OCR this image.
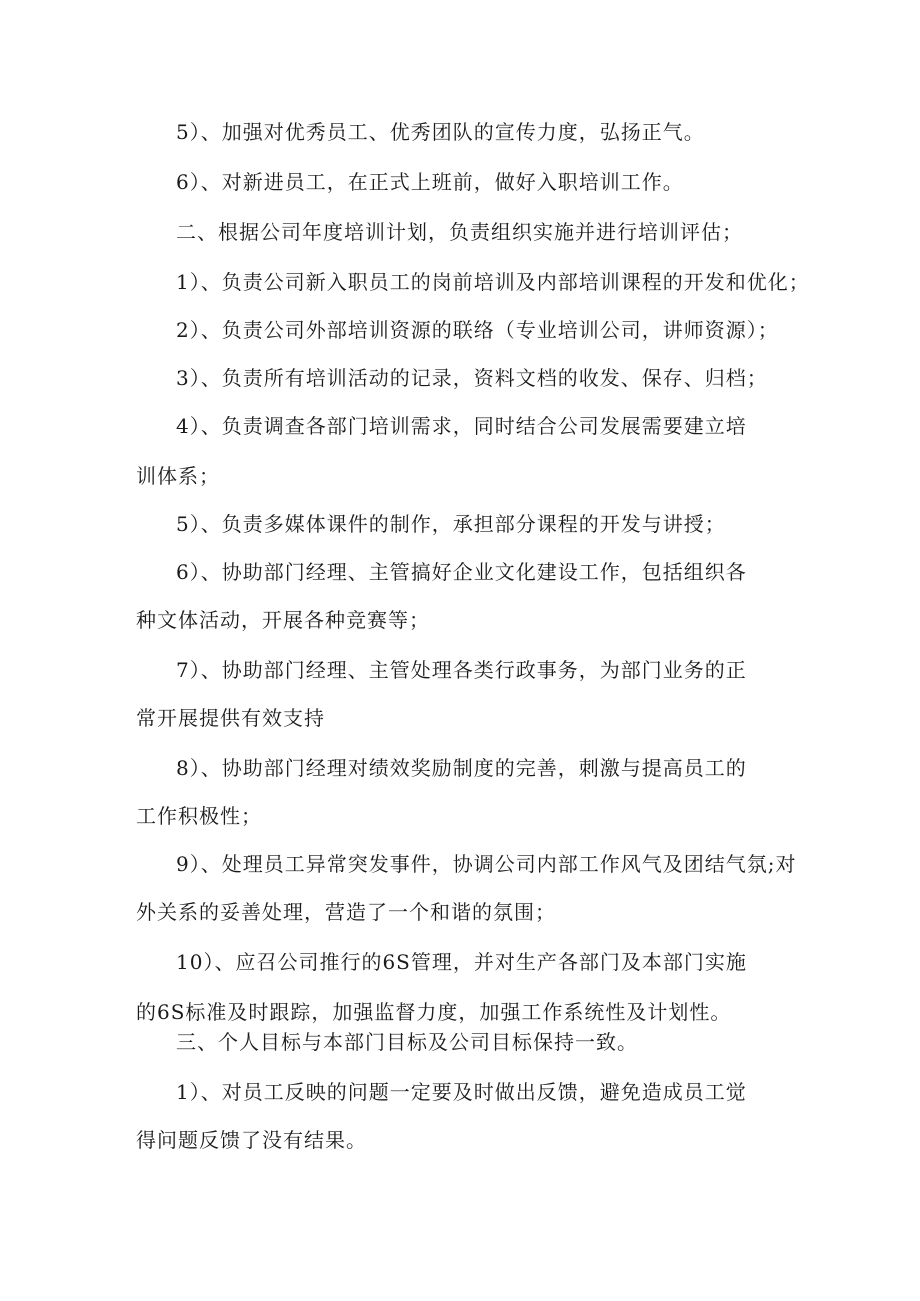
5）、加强对优秀员工、优秀团队的宣传力度，弘扬正气。
6）、对新进员工，在正式上班前，做好入职培训工作。
二、根据公司年度培训计划，负责组织实施并进行培训评估；
1）、负责公司新入职员工的岗前培训及内部培训课程的开发和优化；
2）、负责公司外部培训资源的联络（专业培训公司，讲师资源）；
3）、负责所有培训活动的记录，资料文档的收发、保存、归档；
4）、负责调查各部门培训需求，同时结合公司发展需要建立培
训体系；
5）、负责多媒体课件的制作，承担部分课程的开发与讲授；
6）、协助部门经理、主管搞好企业文化建设工作，包括组织各
种文体活动，开展各种竞赛等；
7）、协助部门经理、主管处理各类行政事务，为部门业务的正
常开展提供有效支持
8）、协助部门经理对绩效奖励制度的完善，刺激与提高员工的
工作积极性；
9）、处理员工异常突发事件，协调公司内部工作风气及团结气氛;对
外关系的妥善处理，营造了一个和谐的氛围；
10）、应召公司推行的6S管理，并对生产各部门及本部门实施
的6S标准及时跟踪，加强监督力度，加强工作系统性及计划性。
三、个人目标与本部门目标及公司目标保持一致。
1）、对员工反映的问题一定要及时做出反馈，避免造成员工觉
得问题反馈了没有结果。
